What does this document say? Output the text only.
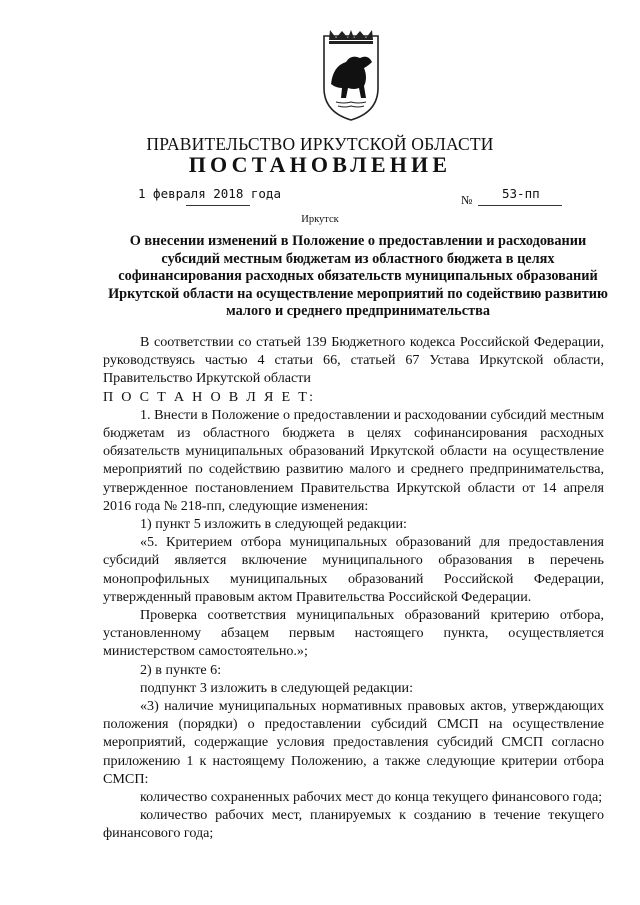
ПРАВИТЕЛЬСТВО ИРКУТСКОЙ ОБЛАСТИ
ПОСТАНОВЛЕНИЕ
1 февраля 2018 года	№ 53-пп
Иркутск
О внесении изменений в Положение о предоставлении и расходовании субсидий местным бюджетам из областного бюджета в целях софинансирования расходных обязательств муниципальных образований Иркутской области на осуществление мероприятий по содействию развитию малого и среднего предпринимательства

В соответствии со статьей 139 Бюджетного кодекса Российской Федерации, руководствуясь частью 4 статьи 66, статьей 67 Устава Иркутской области, Правительство Иркутской области

П О С Т А Н О В Л Я Е Т:

1. Внести в Положение о предоставлении и расходовании субсидий местным бюджетам из областного бюджета в целях софинансирования расходных обязательств муниципальных образований Иркутской области на осуществление мероприятий по содействию развитию малого и среднего предпринимательства, утвержденное постановлением Правительства Иркутской области от 14 апреля 2016 года № 218-пп, следующие изменения:

1) пункт 5 изложить в следующей редакции:

«5. Критерием отбора муниципальных образований для предоставления субсидий является включение муниципального образования в перечень монопрофильных муниципальных образований Российской Федерации, утвержденный правовым актом Правительства Российской Федерации.

Проверка соответствия муниципальных образований критерию отбора, установленному абзацем первым настоящего пункта, осуществляется министерством самостоятельно.»;

2) в пункте 6:

подпункт 3 изложить в следующей редакции:

«3) наличие муниципальных нормативных правовых актов, утверждающих положения (порядки) о предоставлении субсидий СМСП на осуществление мероприятий, содержащие условия предоставления субсидий СМСП согласно приложению 1 к настоящему Положению, а также следующие критерии отбора СМСП:

количество сохраненных рабочих мест до конца текущего финансового года;

количество рабочих мест, планируемых к созданию в течение текущего финансового года;
